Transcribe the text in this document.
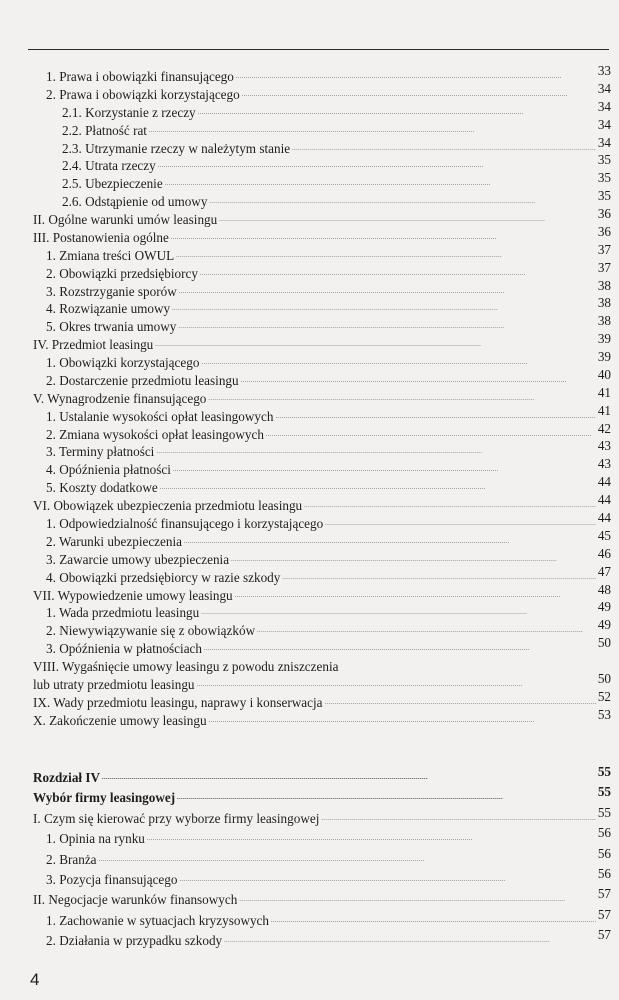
1. Prawa i obowiązki finansującego . . .	33
2. Prawa i obowiązki korzystającego . . .	34
2.1. Korzystanie z rzeczy . . .	34
2.2. Płatność rat . . .	34
2.3. Utrzymanie rzeczy w należytym stanie . . .	34
2.4. Utrata rzeczy . . .	35
2.5. Ubezpieczenie . . .	35
2.6. Odstąpienie od umowy . . .	35
II. Ogólne warunki umów leasingu . . .	36
III. Postanowienia ogólne . . .	36
1. Zmiana treści OWUL . . .	37
2. Obowiązki przedsiębiorcy . . .	37
3. Rozstrzyganie sporów . . .	38
4. Rozwiązanie umowy . . .	38
5. Okres trwania umowy . . .	38
IV. Przedmiot leasingu . . .	39
1. Obowiązki korzystającego . . .	39
2. Dostarczenie przedmiotu leasingu . . .	40
V. Wynagrodzenie finansującego . . .	41
1. Ustalanie wysokości opłat leasingowych . . .	41
2. Zmiana wysokości opłat leasingowych . . .	42
3. Terminy płatności . . .	43
4. Opóźnienia płatności . . .	43
5. Koszty dodatkowe . . .	44
VI. Obowiązek ubezpieczenia przedmiotu leasingu . . .	44
1. Odpowiedzialność finansującego i korzystającego . . .	44
2. Warunki ubezpieczenia . . .	45
3. Zawarcie umowy ubezpieczenia . . .	46
4. Obowiązki przedsiębiorcy w razie szkody . . .	47
VII. Wypowiedzenie umowy leasingu . . .	48
1. Wada przedmiotu leasingu . . .	49
2. Niewywiązywanie się z obowiązków . . .	49
3. Opóźnienia w płatnościach . . .	50
VIII. Wygaśnięcie umowy leasingu z powodu zniszczenia
lub utraty przedmiotu leasingu . . .	50
IX. Wady przedmiotu leasingu, naprawy i konserwacja . . .	52
X. Zakończenie umowy leasingu . . .	53
Rozdział IV . . .	55
Wybór firmy leasingowej . . .	55
I. Czym się kierować przy wyborze firmy leasingowej . . .	55
1. Opinia na rynku . . .	56
2. Branża . . .	56
3. Pozycja finansującego . . .	56
II. Negocjacje warunków finansowych . . .	57
1. Zachowanie w sytuacjach kryzysowych . . .	57
2. Działania w przypadku szkody . . .	57
4
